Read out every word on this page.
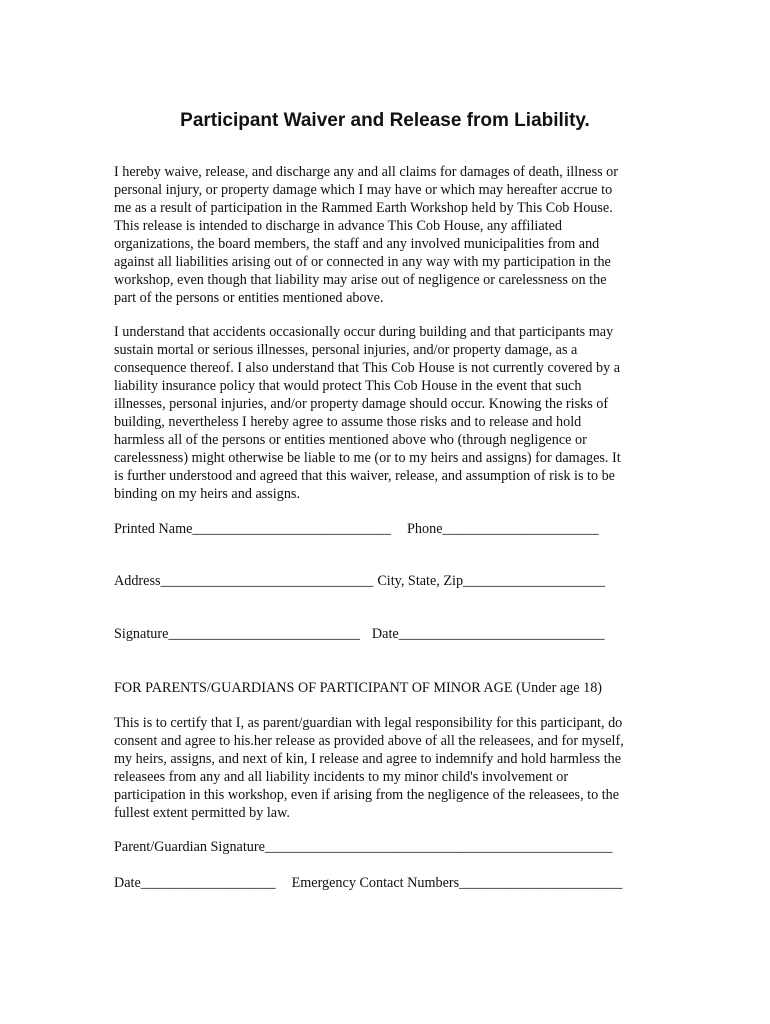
Participant Waiver and Release from Liability.
I hereby waive, release, and discharge any and all claims for damages of death, illness or
personal injury, or property damage which I may have or which may hereafter accrue to
me as a result of participation in the Rammed Earth Workshop held by This Cob House.
This release is intended to discharge in advance This Cob House, any affiliated
organizations, the board members, the staff and any involved municipalities from and
against all liabilities arising out of or connected in any way with my participation in the
workshop, even though that liability may arise out of negligence or carelessness on the
part of the persons or entities mentioned above.
I understand that accidents occasionally occur during building and that participants may
sustain mortal or serious illnesses, personal injuries, and/or property damage, as a
consequence thereof. I also understand that This Cob House is not currently covered by a
liability insurance policy that would protect This Cob House in the event that such
illnesses, personal injuries, and/or property damage should occur. Knowing the risks of
building, nevertheless I hereby agree to assume those risks and to release and hold
harmless all of the persons or entities mentioned above who (through negligence or
carelessness) might otherwise be liable to me (or to my heirs and assigns) for damages. It
is further understood and agreed that this waiver, release, and assumption of risk is to be
binding on my heirs and assigns.
Printed Name____________________________ Phone______________________
Address______________________________ City, State, Zip____________________
Signature___________________________ Date_____________________________
FOR PARENTS/GUARDIANS OF PARTICIPANT OF MINOR AGE (Under age 18)
This is to certify that I, as parent/guardian with legal responsibility for this participant, do
consent and agree to his.her release as provided above of all the releasees, and for myself,
my heirs, assigns, and next of kin, I release and agree to indemnify and hold harmless the
releasees from any and all liability incidents to my minor child's involvement or
participation in this workshop, even if arising from the negligence of the releasees, to the
fullest extent permitted by law.
Parent/Guardian Signature_________________________________________________
Date___________________ Emergency Contact Numbers_______________________
